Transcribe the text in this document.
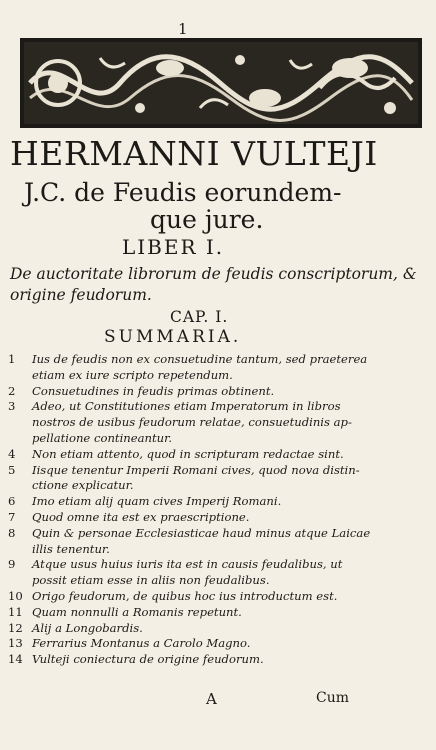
1
HERMANNI VULTEJI
J.C. de Feudis eorundem-
que jure.
LIBER I.
De auctoritate librorum de feudis conscriptorum, & origine feudorum.
CAP. I.
SUMMARIA.
1	Ius de feudis non ex consuetudine tantum, sed praeterea
etiam ex iure scripto repetendum.
2	Consuetudines in feudis primas obtinent.
3	Adeo, ut Constitutiones etiam Imperatorum in libros
nostros de usibus feudorum relatae, consuetudinis ap-
pellatione contineantur.
4	Non etiam attento, quod in scripturam redactae sint.
5	Iisque tenentur Imperii Romani cives, quod nova distin-
ctione explicatur.
6	Imo etiam alij quam cives Imperij Romani.
7	Quod omne ita est ex praescriptione.
8	Quin & personae Ecclesiasticae haud minus atque Laicae
illis tenentur.
9	Atque usus huius iuris ita est in causis feudalibus, ut
possit etiam esse in aliis non feudalibus.
10 Origo feudorum, de quibus hoc ius introductum est.
11 Quam nonnulli a Romanis repetunt.
12 Alij a Longobardis.
13 Ferrarius Montanus a Carolo Magno.
14 Vulteji coniectura de origine feudorum.
A	Cum
